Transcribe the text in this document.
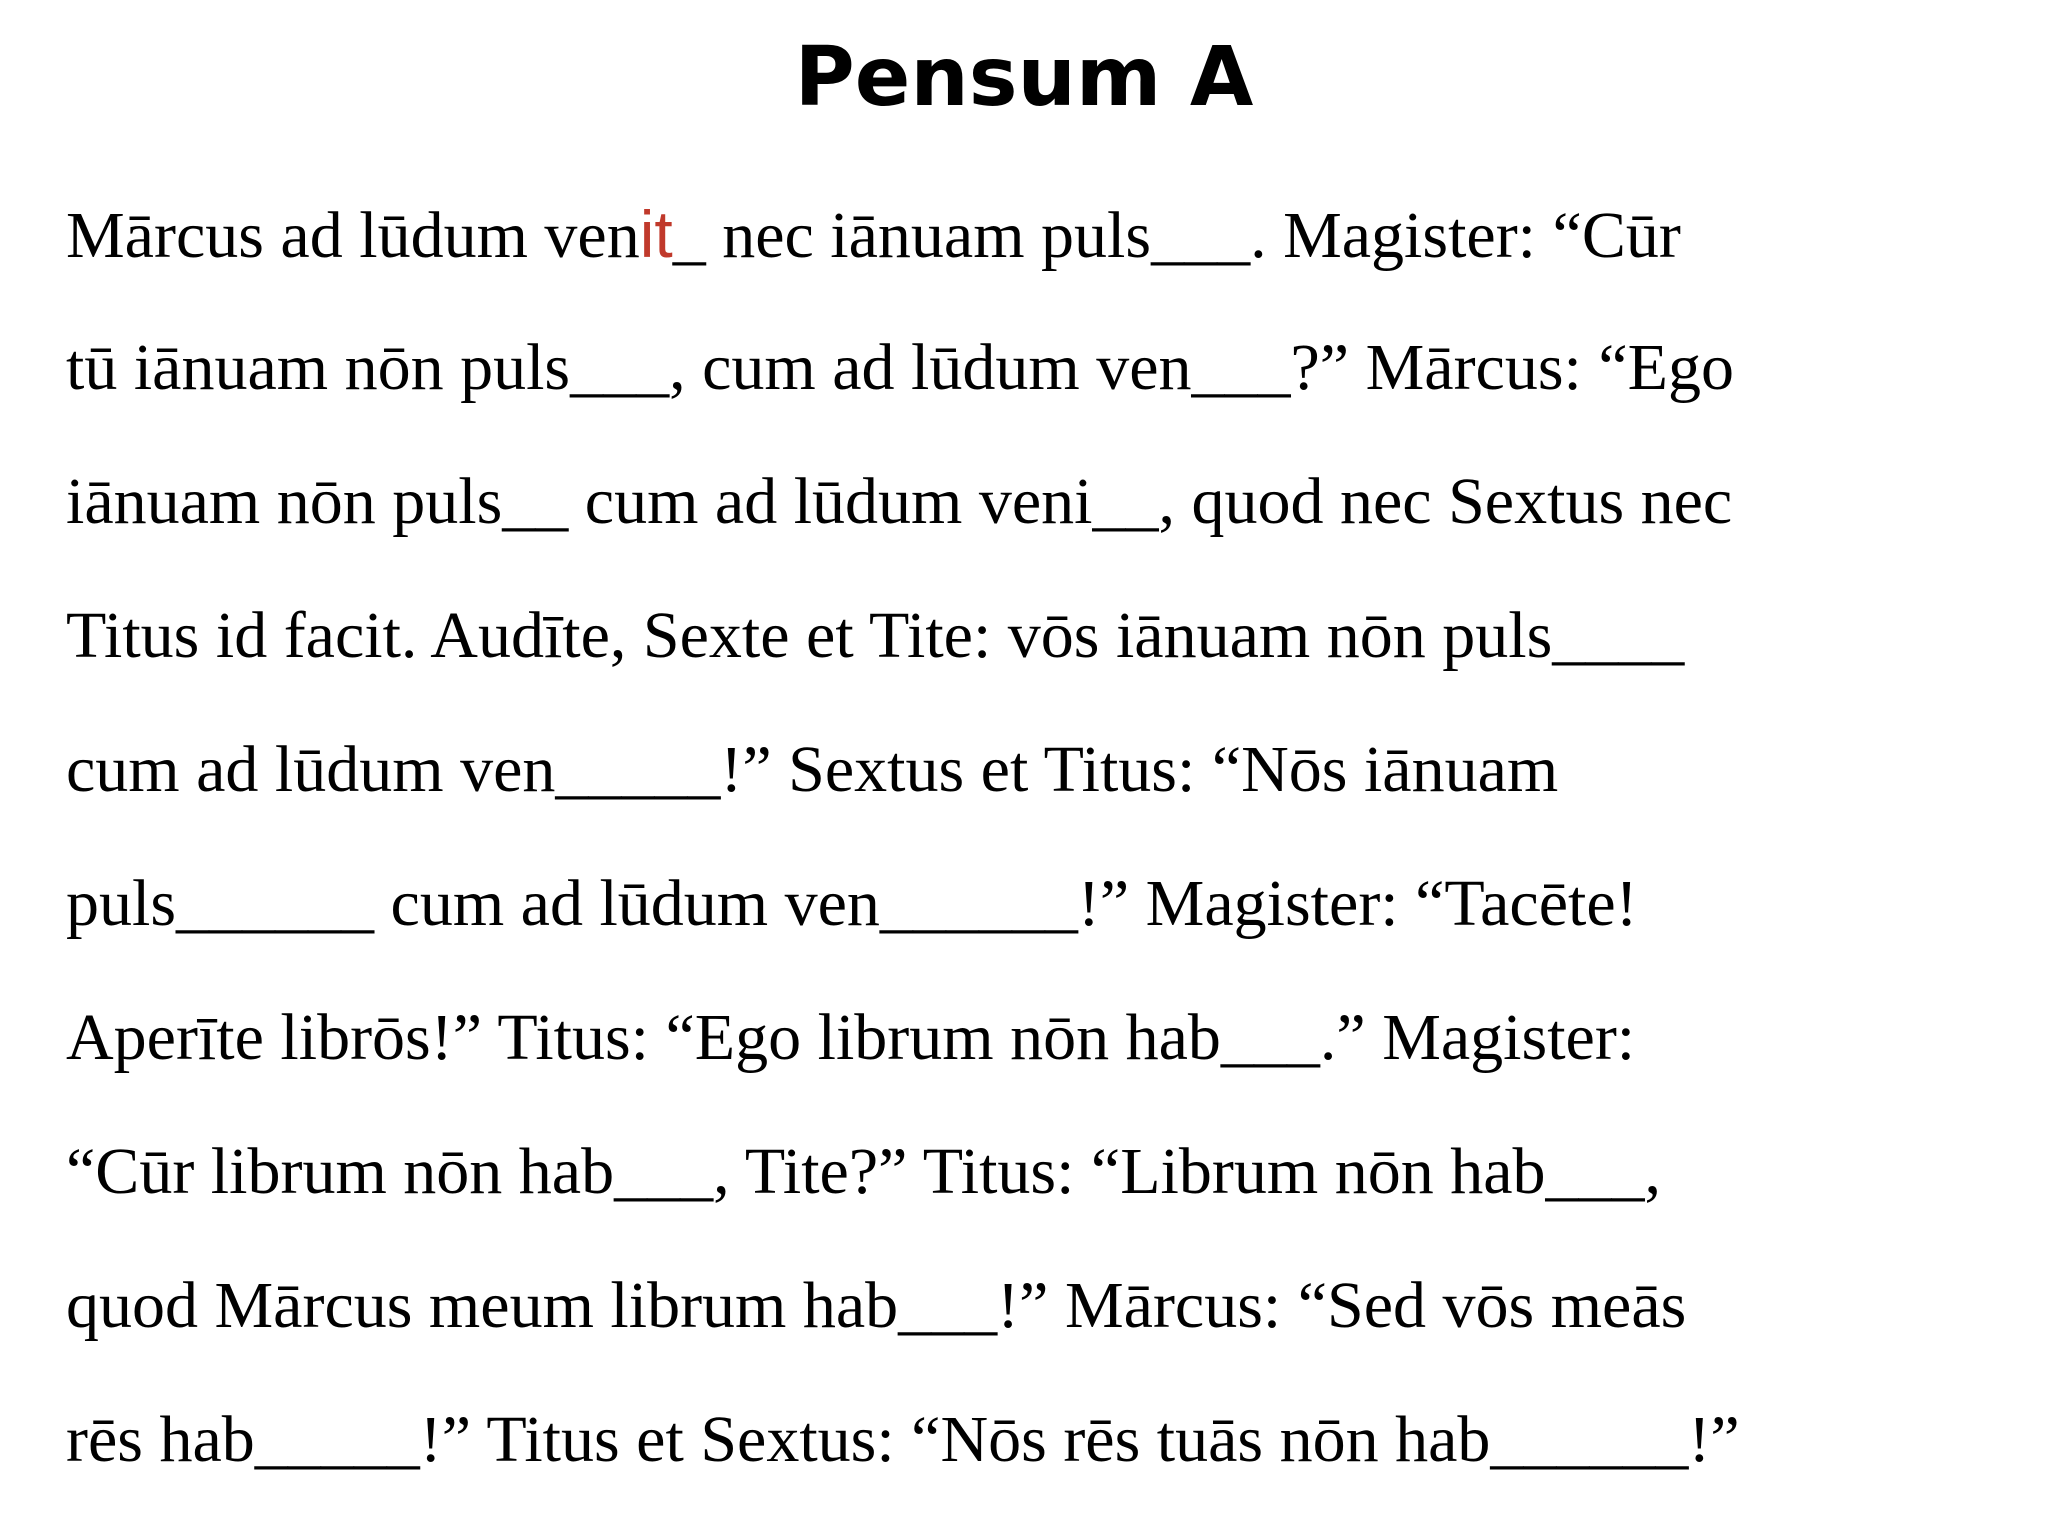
Pensum A
Mārcus ad lūdum venit_ nec iānuam puls___. Magister: “Cūr
tū iānuam nōn puls___, cum ad lūdum ven___?” Mārcus: “Ego
iānuam nōn puls__ cum ad lūdum veni__, quod nec Sextus nec
Titus id facit. Audīte, Sexte et Tite: vōs iānuam nōn puls____
cum ad lūdum ven_____!” Sextus et Titus: “Nōs iānuam
puls______ cum ad lūdum ven______!” Magister: “Tacēte!
Aperīte librōs!” Titus: “Ego librum nōn hab___.” Magister:
“Cūr librum nōn hab___, Tite?” Titus: “Librum nōn hab___,
quod Mārcus meum librum hab___!” Mārcus: “Sed vōs meās
rēs hab_____!” Titus et Sextus: “Nōs rēs tuās nōn hab______!”
